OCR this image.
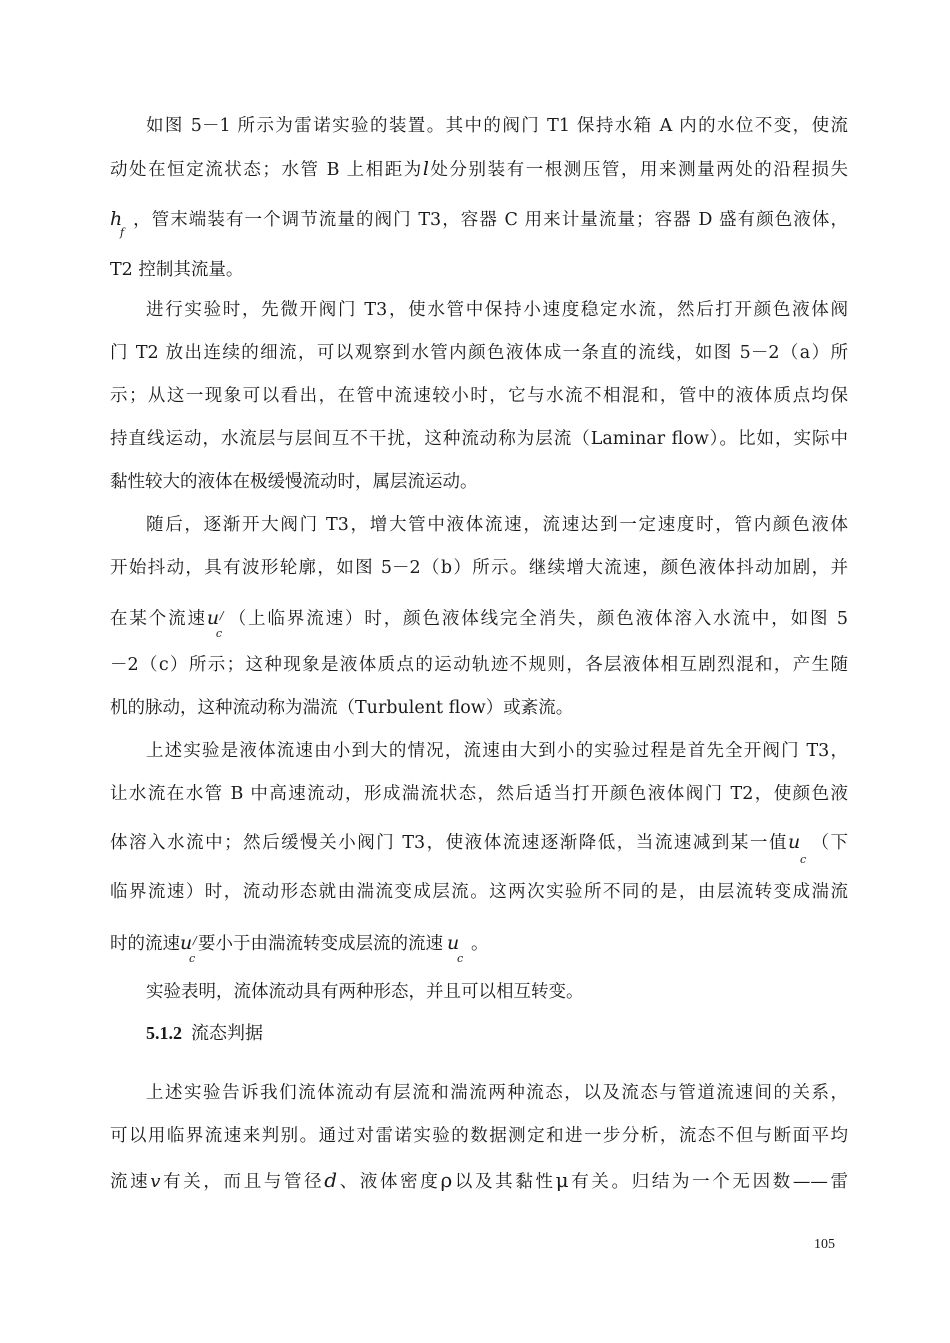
如图 5－1 所示为雷诺实验的装置。其中的阀门 T1 保持水箱 A 内的水位不变，使流
动处在恒定流状态；水管 B 上相距为l处分别装有一根测压管，用来测量两处的沿程损失
h
f
，管末端装有一个调节流量的阀门 T3，容器 C 用来计量流量；容器 D 盛有颜色液体，
T2 控制其流量。
进行实验时，先微开阀门 T3，使水管中保持小速度稳定水流，然后打开颜色液体阀
门 T2 放出连续的细流，可以观察到水管内颜色液体成一条直的流线，如图 5－2（a）所
示；从这一现象可以看出，在管中流速较小时，它与水流不相混和，管中的液体质点均保
持直线运动，水流层与层间互不干扰，这种流动称为层流（Laminar flow）。比如，实际中
黏性较大的液体在极缓慢流动时，属层流运动。
随后，逐渐开大阀门 T3，增大管中液体流速，流速达到一定速度时，管内颜色液体
开始抖动，具有波形轮廓，如图 5－2（b）所示。继续增大流速，颜色液体抖动加剧，并
在某个流速u
c
/ （上临界流速）时，颜色液体线完全消失，颜色液体溶入水流中，如图 5
－2（c）所示；这种现象是液体质点的运动轨迹不规则，各层液体相互剧烈混和，产生随
机的脉动，这种流动称为湍流（Turbulent flow）或紊流。
上述实验是液体流速由小到大的情况，流速由大到小的实验过程是首先全开阀门 T3，
让水流在水管 B 中高速流动，形成湍流状态，然后适当打开颜色液体阀门 T2，使颜色液
体溶入水流中；然后缓慢关小阀门 T3，使液体流速逐渐降低，当流速减到某一值u
c
（下
临界流速）时，流动形态就由湍流变成层流。这两次实验所不同的是，由层流转变成湍流
时的流速u
c
/ 要小于由湍流转变成层流的流速 u
c
。
实验表明，流体流动具有两种形态，并且可以相互转变。
5.1.2 流态判据
上述实验告诉我们流体流动有层流和湍流两种流态，以及流态与管道流速间的关系，
可以用临界流速来判别。通过对雷诺实验的数据测定和进一步分析，流态不但与断面平均
流速v有关，而且与管径d、液体密度ρ以及其黏性μ有关。归结为一个无因数——雷
105
